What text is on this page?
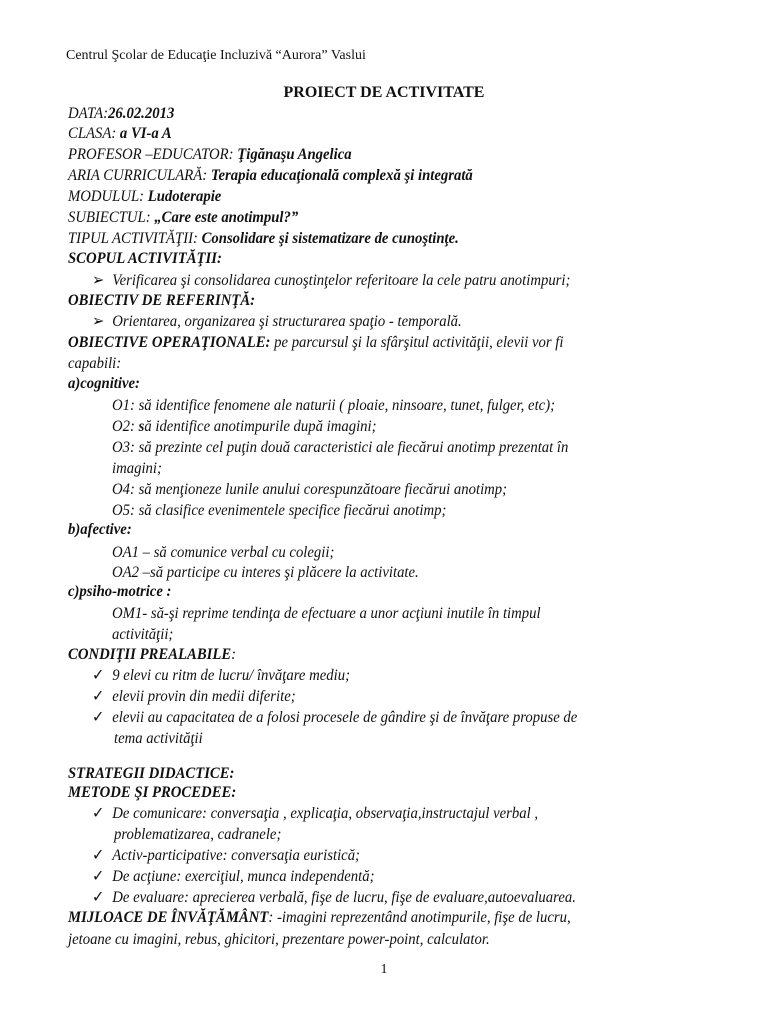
Centrul Şcolar de Educaţie Incluzivă “Aurora” Vaslui
PROIECT DE ACTIVITATE
DATA:26.02.2013
CLASA: a VI-a A
PROFESOR –EDUCATOR: Ţigănaşu Angelica
ARIA CURRICULARĂ: Terapia educaţională complexă şi integrată
MODULUL: Ludoterapie
SUBIECTUL: „Care este anotimpul?”
TIPUL ACTIVITĂŢII: Consolidare şi sistematizare de cunoştinţe.
SCOPUL ACTIVITĂŢII:
➢ Verificarea şi consolidarea cunoştinţelor referitoare la cele patru anotimpuri;
OBIECTIV DE REFERINŢĂ:
➢ Orientarea, organizarea şi structurarea spaţio - temporală.
OBIECTIVE OPERAŢIONALE: pe parcursul şi la sfârşitul activităţii, elevii vor fi
capabili:
a)cognitive:
O1: să identifice fenomene ale naturii ( ploaie, ninsoare, tunet, fulger, etc);
O2: să identifice anotimpurile după imagini;
O3: să prezinte cel puţin două caracteristici ale fiecărui anotimp prezentat în
imagini;
O4: să menţioneze lunile anului corespunzătoare fiecărui anotimp;
O5: să clasifice evenimentele specifice fiecărui anotimp;
b)afective:
OA1 – să comunice verbal cu colegii;
OA2 –să participe cu interes şi plăcere la activitate.
c)psiho-motrice :
OM1- să-şi reprime tendinţa de efectuare a unor acţiuni inutile în timpul
activităţii;
CONDIŢII PREALABILE:
✓ 9 elevi cu ritm de lucru/ învăţare mediu;
✓ elevii provin din medii diferite;
✓ elevii au capacitatea de a folosi procesele de gândire şi de învăţare propuse de
tema activităţii
STRATEGII DIDACTICE:
METODE ŞI PROCEDEE:
✓ De comunicare: conversaţia , explicaţia, observaţia,instructajul verbal ,
problematizarea, cadranele;
✓ Activ-participative: conversaţia euristică;
✓ De acţiune: exerciţiul, munca independentă;
✓ De evaluare: aprecierea verbală, fişe de lucru, fişe de evaluare,autoevaluarea.
MIJLOACE DE ÎNVĂŢĂMÂNT: -imagini reprezentând anotimpurile, fişe de lucru,
jetoane cu imagini, rebus, ghicitori, prezentare power-point, calculator.
1
